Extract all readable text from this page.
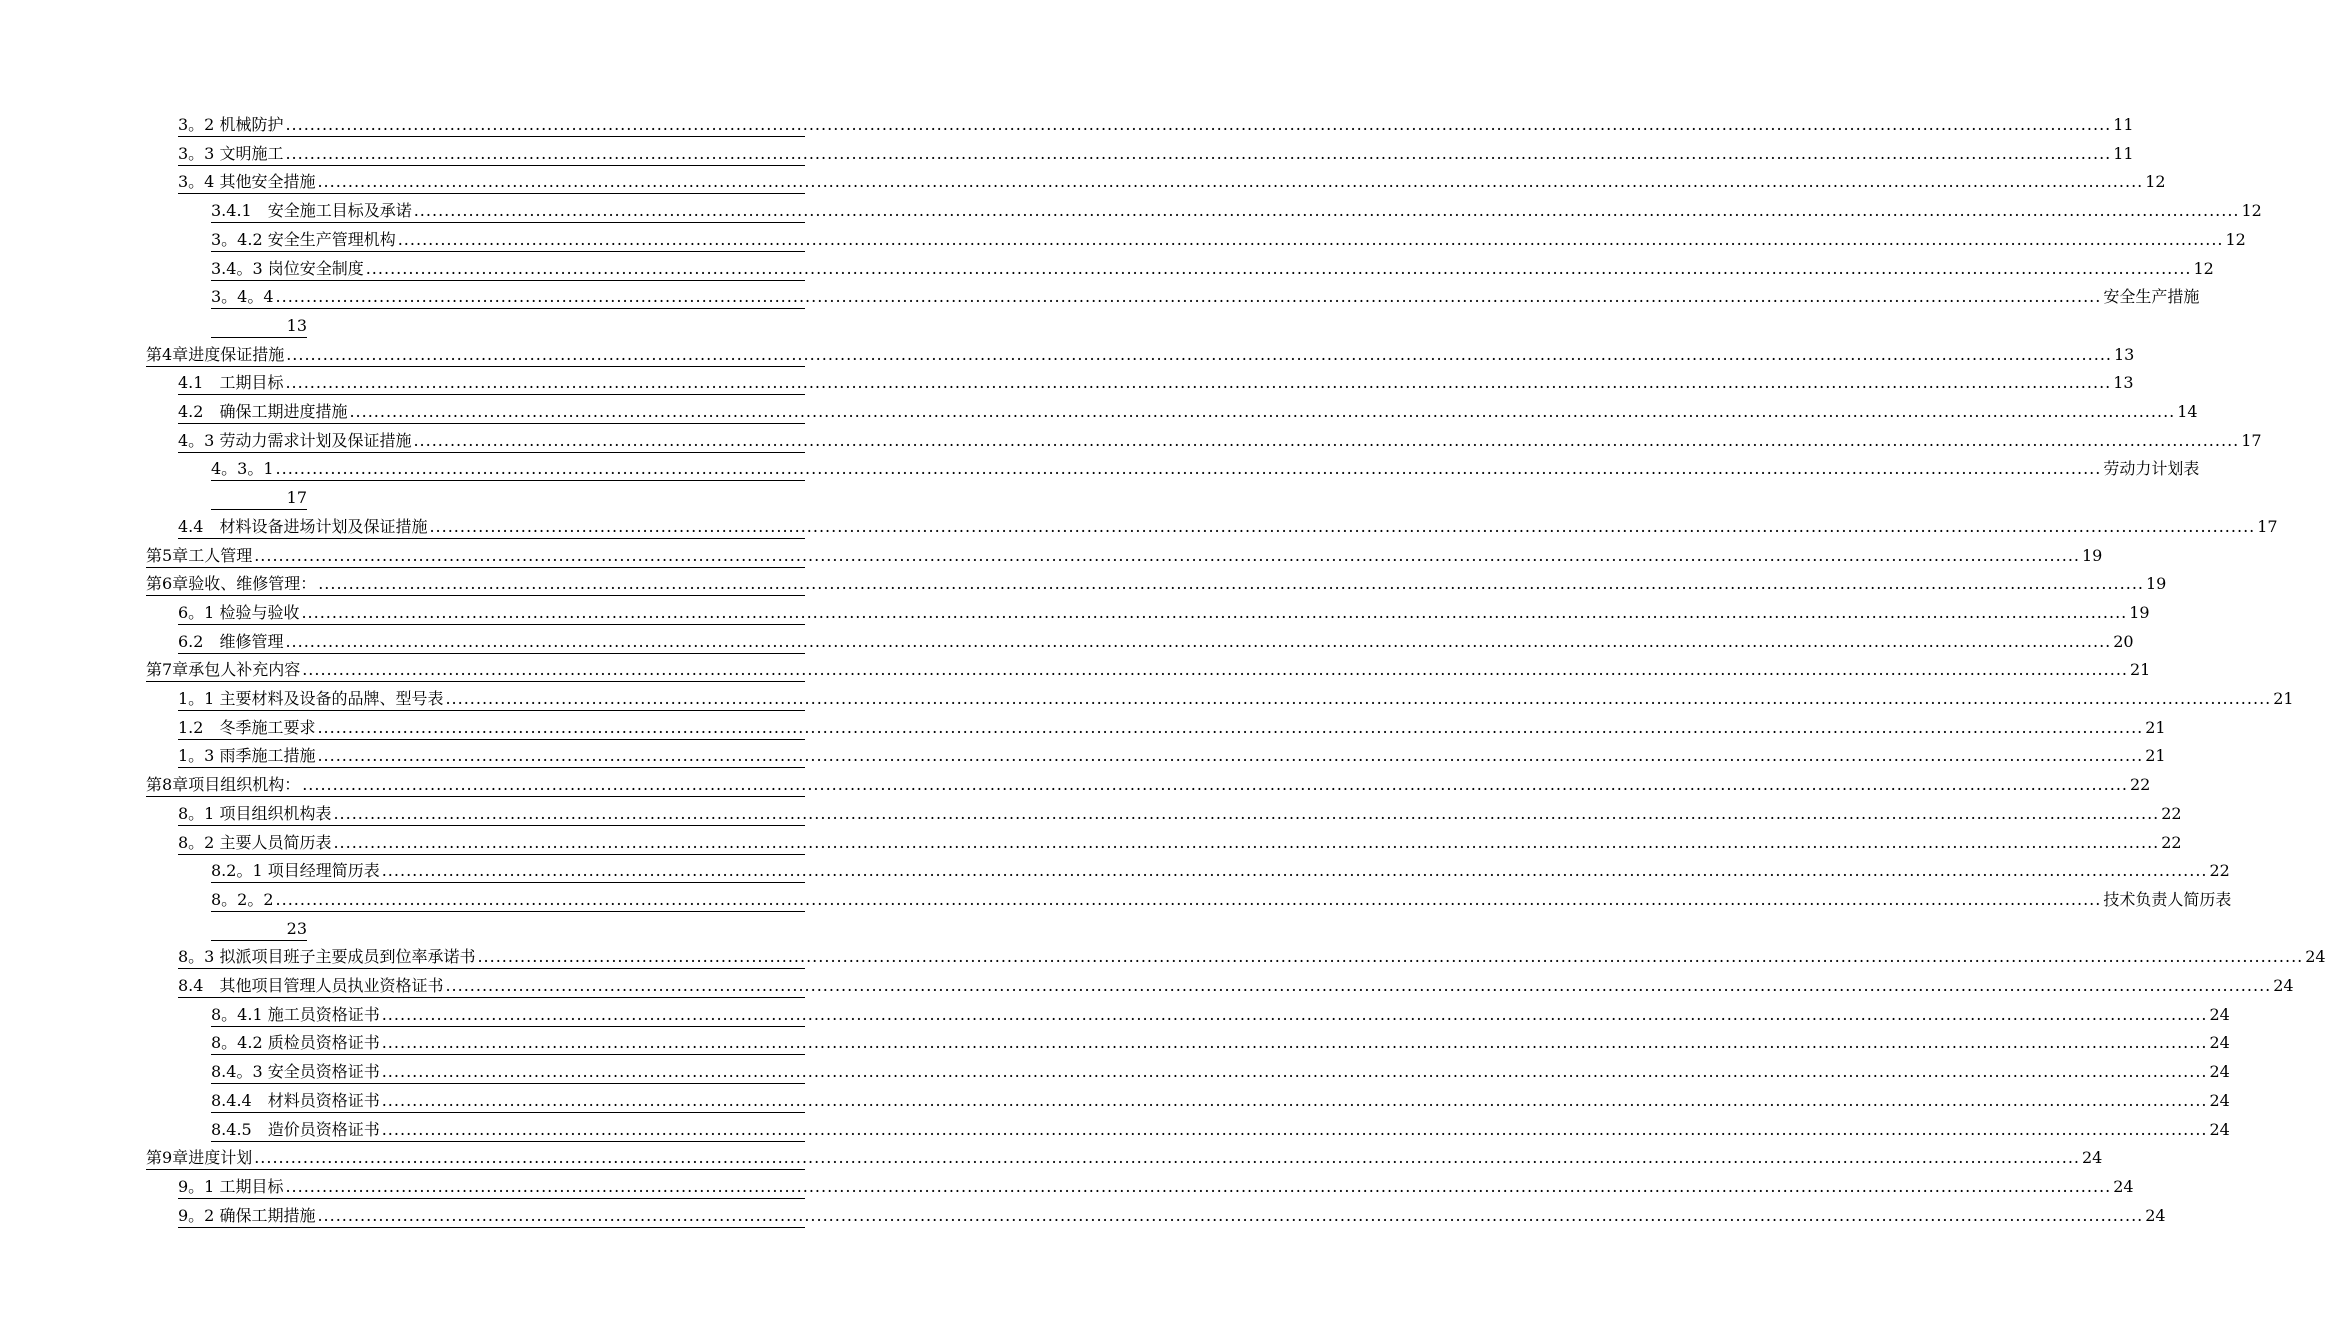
3。2 机械防护 ............................................................................................................................................................................................................................................................................................................ 11
3。3 文明施工 ............................................................................................................................................................................................................................................................................................................ 11
3。4 其他安全措施 ............................................................................................................................................................................................................................................................................................................ 12
3.4.1　安全施工目标及承诺 ............................................................................................................................................................................................................................................................................................................ 12
3。4.2 安全生产管理机构 ............................................................................................................................................................................................................................................................................................................ 12
3.4。3 岗位安全制度 ............................................................................................................................................................................................................................................................................................................ 12
3。4。4 ............................................................................................................................................................................................................................................................................................................ 安全生产措施
13
第4章 进度保证措施 ............................................................................................................................................................................................................................................................................................................ 13
4.1　工期目标 ............................................................................................................................................................................................................................................................................................................ 13
4.2　确保工期进度措施 ............................................................................................................................................................................................................................................................................................................ 14
4。3 劳动力需求计划及保证措施 ............................................................................................................................................................................................................................................................................................................ 17
4。3。1 ............................................................................................................................................................................................................................................................................................................ 劳动力计划表
17
4.4　材料设备进场计划及保证措施 ............................................................................................................................................................................................................................................................................................................ 17
第5章 工人管理 ............................................................................................................................................................................................................................................................................................................ 19
第6章 验收、维修管理： ............................................................................................................................................................................................................................................................................................................ 19
6。1 检验与验收 ............................................................................................................................................................................................................................................................................................................ 19
6.2　维修管理 ............................................................................................................................................................................................................................................................................................................ 20
第7章 承包人补充内容 ............................................................................................................................................................................................................................................................................................................ 21
1。1 主要材料及设备的品牌、型号表 ............................................................................................................................................................................................................................................................................................................ 21
1.2　冬季施工要求 ............................................................................................................................................................................................................................................................................................................ 21
1。3 雨季施工措施 ............................................................................................................................................................................................................................................................................................................ 21
第8章 项目组织机构： ............................................................................................................................................................................................................................................................................................................ 22
8。1 项目组织机构表 ............................................................................................................................................................................................................................................................................................................ 22
8。2 主要人员简历表 ............................................................................................................................................................................................................................................................................................................ 22
8.2。1 项目经理简历表 ............................................................................................................................................................................................................................................................................................................ 22
8。2。2 ............................................................................................................................................................................................................................................................................................................ 技术负责人简历表
23
8。3 拟派项目班子主要成员到位率承诺书 ............................................................................................................................................................................................................................................................................................................ 24
8.4　其他项目管理人员执业资格证书 ............................................................................................................................................................................................................................................................................................................ 24
8。4.1 施工员资格证书 ............................................................................................................................................................................................................................................................................................................ 24
8。4.2 质检员资格证书 ............................................................................................................................................................................................................................................................................................................ 24
8.4。3 安全员资格证书 ............................................................................................................................................................................................................................................................................................................ 24
8.4.4　材料员资格证书 ............................................................................................................................................................................................................................................................................................................ 24
8.4.5　造价员资格证书 ............................................................................................................................................................................................................................................................................................................ 24
第9章 进度计划 ............................................................................................................................................................................................................................................................................................................ 24
9。1 工期目标 ............................................................................................................................................................................................................................................................................................................ 24
9。2 确保工期措施 ............................................................................................................................................................................................................................................................................................................ 24
